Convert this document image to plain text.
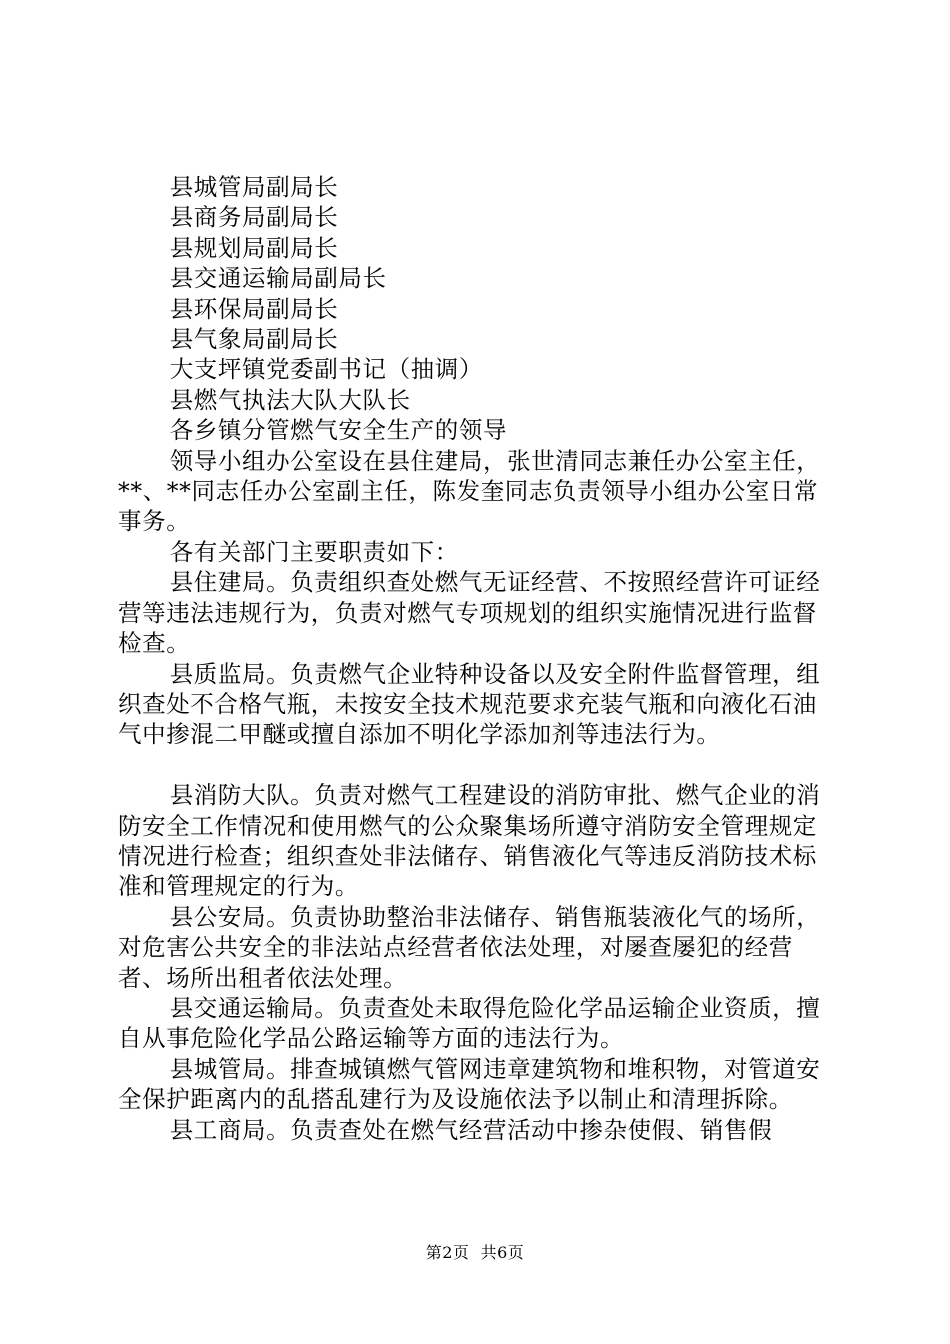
县城管局副局长

县商务局副局长

县规划局副局长

县交通运输局副局长

县环保局副局长

县气象局副局长

大支坪镇党委副书记（抽调）

县燃气执法大队大队长

各乡镇分管燃气安全生产的领导

领导小组办公室设在县住建局，张世清同志兼任办公室主任，**、**同志任办公室副主任，陈发奎同志负责领导小组办公室日常事务。

各有关部门主要职责如下：

县住建局。负责组织查处燃气无证经营、不按照经营许可证经营等违法违规行为，负责对燃气专项规划的组织实施情况进行监督检查。

县质监局。负责燃气企业特种设备以及安全附件监督管理，组织查处不合格气瓶，未按安全技术规范要求充装气瓶和向液化石油气中掺混二甲醚或擅自添加不明化学添加剂等违法行为。

县消防大队。负责对燃气工程建设的消防审批、燃气企业的消防安全工作情况和使用燃气的公众聚集场所遵守消防安全管理规定情况进行检查；组织查处非法储存、销售液化气等违反消防技术标准和管理规定的行为。

县公安局。负责协助整治非法储存、销售瓶装液化气的场所，对危害公共安全的非法站点经营者依法处理，对屡查屡犯的经营者、场所出租者依法处理。

县交通运输局。负责查处未取得危险化学品运输企业资质，擅自从事危险化学品公路运输等方面的违法行为。

县城管局。排查城镇燃气管网违章建筑物和堆积物，对管道安全保护距离内的乱搭乱建行为及设施依法予以制止和清理拆除。

县工商局。负责查处在燃气经营活动中掺杂使假、销售假

第2页  共6页
